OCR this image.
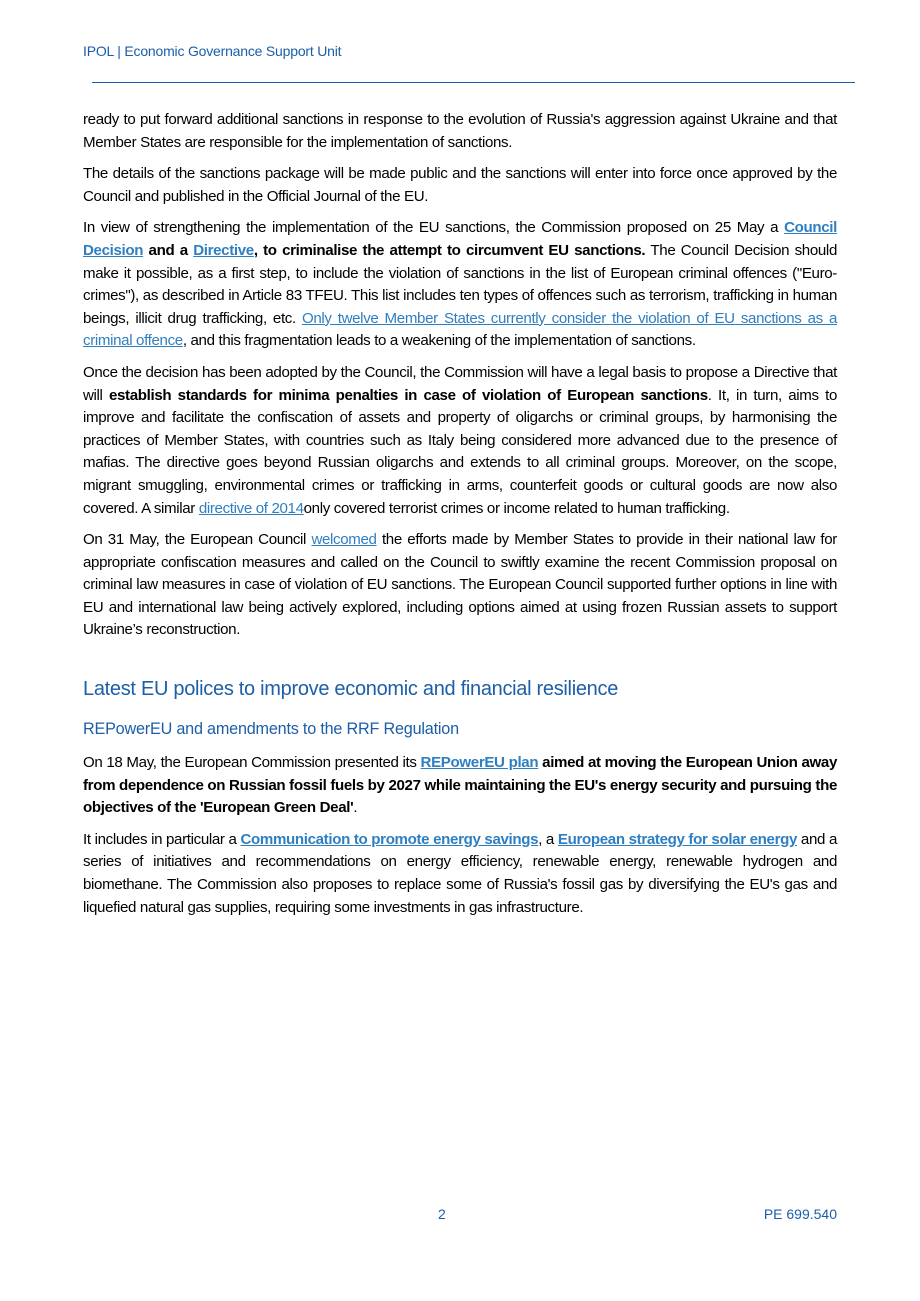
IPOL | Economic Governance Support Unit

ready to put forward additional sanctions in response to the evolution of Russia's aggression against Ukraine and that Member States are responsible for the implementation of sanctions.

The details of the sanctions package will be made public and the sanctions will enter into force once approved by the Council and published in the Official Journal of the EU.

In view of strengthening the implementation of the EU sanctions, the Commission proposed on 25 May a Council Decision and a Directive, to criminalise the attempt to circumvent EU sanctions. The Council Decision should make it possible, as a first step, to include the violation of sanctions in the list of European criminal offences ("Euro-crimes"), as described in Article 83 TFEU. This list includes ten types of offences such as terrorism, trafficking in human beings, illicit drug trafficking, etc. Only twelve Member States currently consider the violation of EU sanctions as a criminal offence, and this fragmentation leads to a weakening of the implementation of sanctions.

Once the decision has been adopted by the Council, the Commission will have a legal basis to propose a Directive that will establish standards for minima penalties in case of violation of European sanctions. It, in turn, aims to improve and facilitate the confiscation of assets and property of oligarchs or criminal groups, by harmonising the practices of Member States, with countries such as Italy being considered more advanced due to the presence of mafias. The directive goes beyond Russian oligarchs and extends to all criminal groups. Moreover, on the scope, migrant smuggling, environmental crimes or trafficking in arms, counterfeit goods or cultural goods are now also covered. A similar directive of 2014only covered terrorist crimes or income related to human trafficking.

On 31 May, the European Council welcomed the efforts made by Member States to provide in their national law for appropriate confiscation measures and called on the Council to swiftly examine the recent Commission proposal on criminal law measures in case of violation of EU sanctions. The European Council supported further options in line with EU and international law being actively explored, including options aimed at using frozen Russian assets to support Ukraine’s reconstruction.

Latest EU polices to improve economic and financial resilience
REPowerEU and amendments to the RRF Regulation

On 18 May, the European Commission presented its REPowerEU plan aimed at moving the European Union away from dependence on Russian fossil fuels by 2027 while maintaining the EU's energy security and pursuing the objectives of the 'European Green Deal'.

It includes in particular a Communication to promote energy savings, a European strategy for solar energy and a series of initiatives and recommendations on energy efficiency, renewable energy, renewable hydrogen and biomethane. The Commission also proposes to replace some of Russia's fossil gas by diversifying the EU's gas and liquefied natural gas supplies, requiring some investments in gas infrastructure.

2	PE 699.540
